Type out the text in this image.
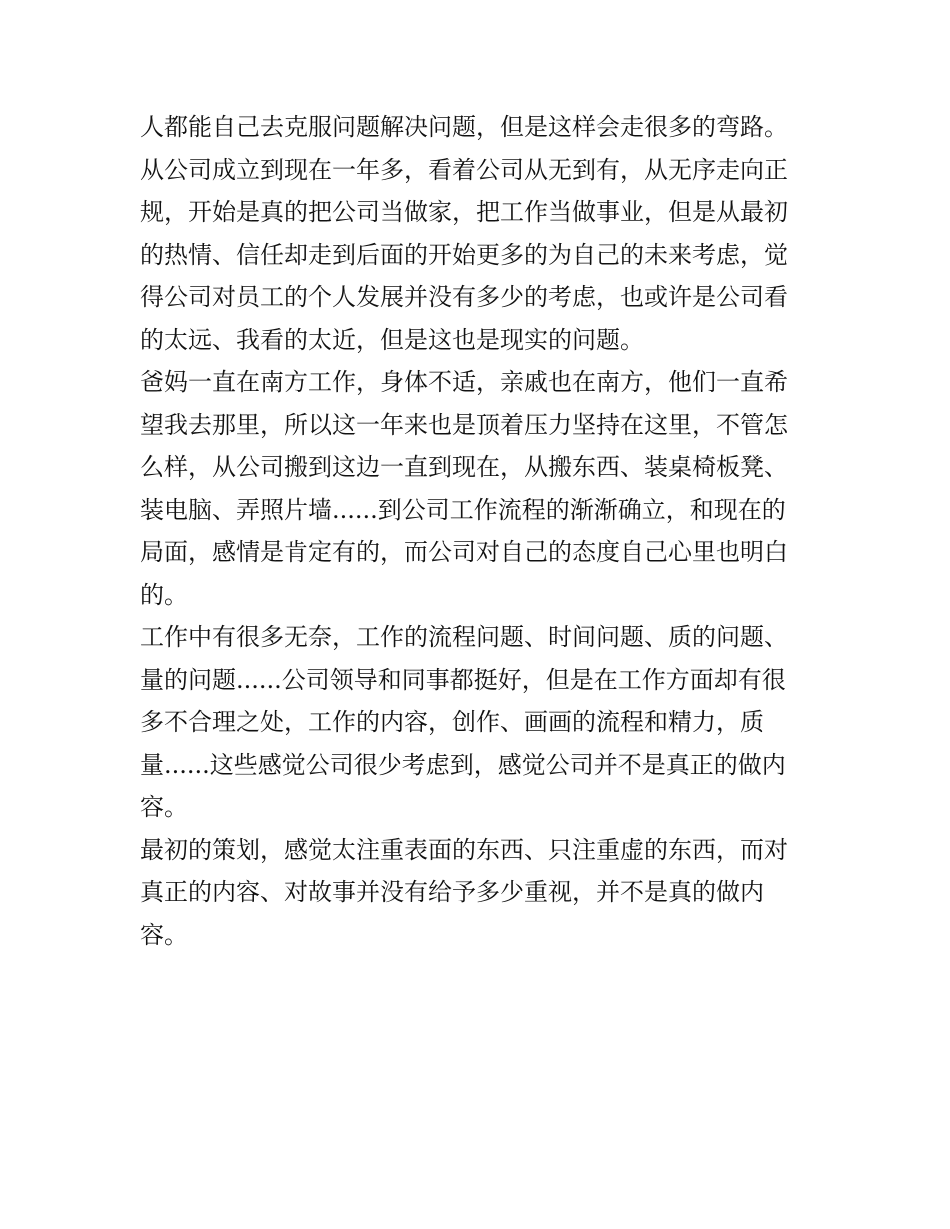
人都能自己去克服问题解决问题，但是这样会走很多的弯路。
从公司成立到现在一年多，看着公司从无到有，从无序走向正
规，开始是真的把公司当做家，把工作当做事业，但是从最初
的热情、信任却走到后面的开始更多的为自己的未来考虑，觉
得公司对员工的个人发展并没有多少的考虑，也或许是公司看
的太远、我看的太近，但是这也是现实的问题。
爸妈一直在南方工作，身体不适，亲戚也在南方，他们一直希
望我去那里，所以这一年来也是顶着压力坚持在这里，不管怎
么样，从公司搬到这边一直到现在，从搬东西、装桌椅板凳、
装电脑、弄照片墙......到公司工作流程的渐渐确立，和现在的
局面，感情是肯定有的，而公司对自己的态度自己心里也明白
的。
工作中有很多无奈，工作的流程问题、时间问题、质的问题、
量的问题......公司领导和同事都挺好，但是在工作方面却有很
多不合理之处，工作的内容，创作、画画的流程和精力，质
量......这些感觉公司很少考虑到，感觉公司并不是真正的做内
容。
最初的策划，感觉太注重表面的东西、只注重虚的东西，而对
真正的内容、对故事并没有给予多少重视，并不是真的做内
容。
